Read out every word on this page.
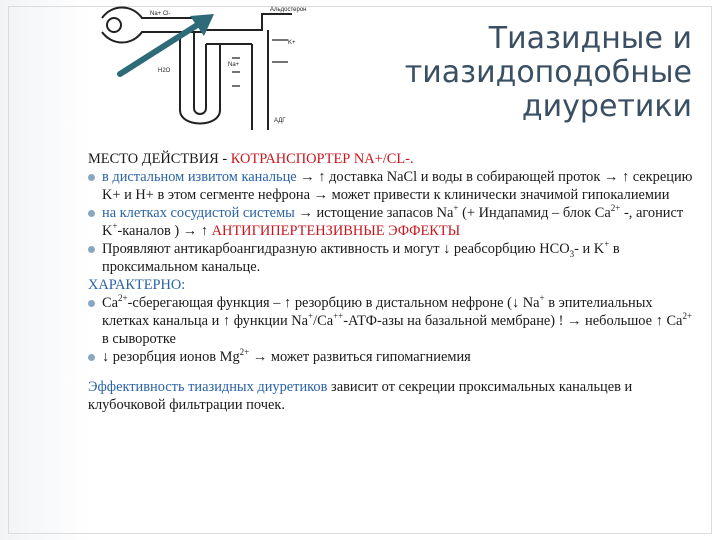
Na+ Cl-
Альдостерон
K+
Na+
H2O
АДГ
Тиазидные и
тиазидоподобные
диуретики

МЕСТО ДЕЙСТВИЯ - КОТРАНСПОРТЕР NA+/CL-.

в дистальном извитом канальце → ↑ доставка NaCl и воды в собирающей проток → ↑ секрецию K+ и H+ в этом сегменте нефрона → может привести к клинически значимой гипокалиемии
на клетках сосудистой системы → истощение запасов Na+ (+ Индапамид – блок $Ca^{2+}$ -, агонист K+-каналов ) → ↑ АНТИГИПЕРТЕНЗИВНЫЕ ЭФФЕКТЫ
Проявляют антикарбоангидразную активность и могут ↓ реабсорбцию $HCO_3-$ и K+ в проксимальном канальце.

ХАРАКТЕРНО:

$Ca^{2+}$-сберегающая функция – ↑ резорбцию в дистальном нефроне (↓ Na+ в эпителиальных клетках канальца и ↑ функции Na+/Ca++-АТФ-азы на базальной мембране) ! → небольшое ↑ $Ca^{2+}$ в сыворотке
↓ резорбция ионов $Mg^{2+}$ → может развиться гипомагниемия

Эффективность тиазидных диуретиков зависит от секреции проксимальных канальцев и клубочковой фильтрации почек.
